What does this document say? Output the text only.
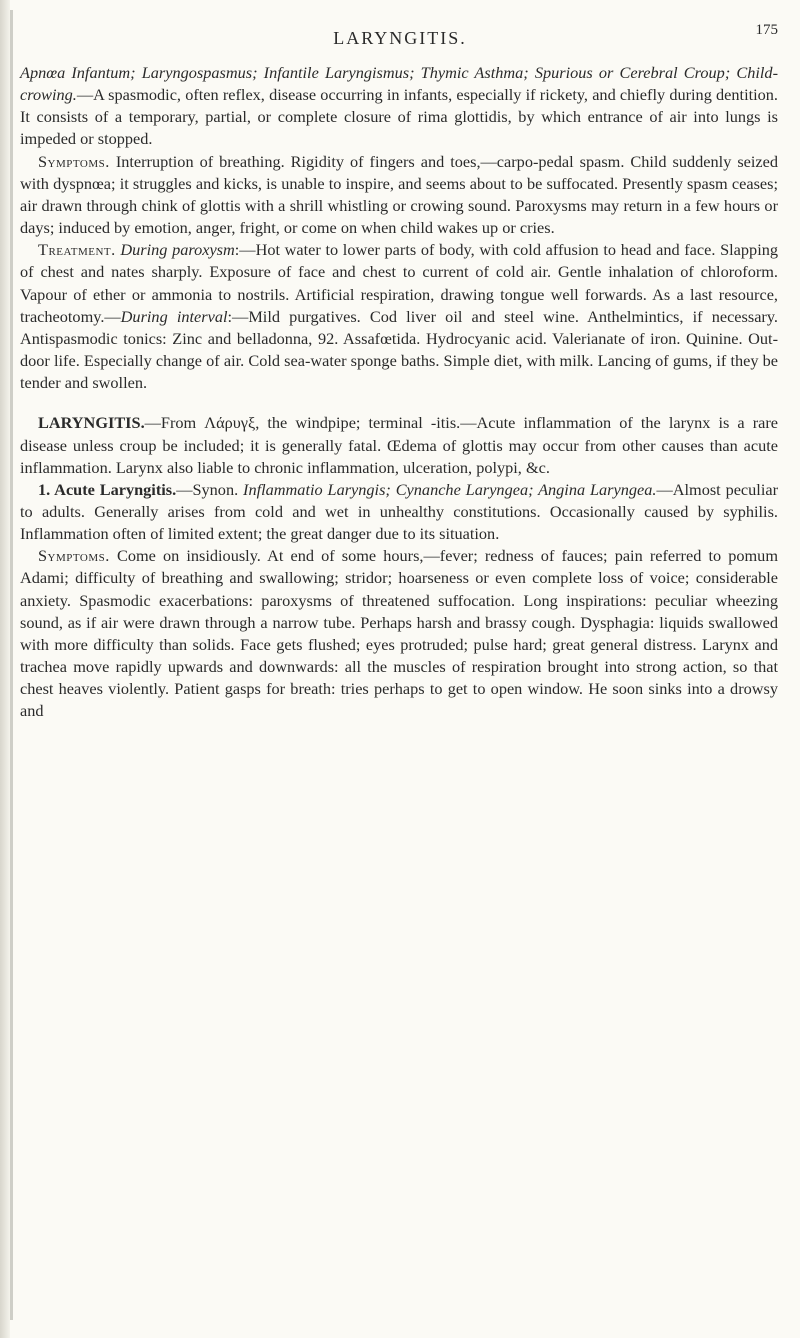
LARYNGITIS.	175

Apnœa Infantum; Laryngospasmus; Infantile Laryngismus; Thymic Asthma; Spurious or Cerebral Croup; Child-crowing.—A spasmodic, often reflex, disease occurring in infants, especially if rickety, and chiefly during dentition. It consists of a temporary, partial, or complete closure of rima glottidis, by which entrance of air into lungs is impeded or stopped.

Symptoms. Interruption of breathing. Rigidity of fingers and toes,—carpo-pedal spasm. Child suddenly seized with dyspnœa; it struggles and kicks, is unable to inspire, and seems about to be suffocated. Presently spasm ceases; air drawn through chink of glottis with a shrill whistling or crowing sound. Paroxysms may return in a few hours or days; induced by emotion, anger, fright, or come on when child wakes up or cries.

Treatment. During paroxysm:—Hot water to lower parts of body, with cold affusion to head and face. Slapping of chest and nates sharply. Exposure of face and chest to current of cold air. Gentle inhalation of chloroform. Vapour of ether or ammonia to nostrils. Artificial respiration, drawing tongue well forwards. As a last resource, tracheotomy.—During interval:—Mild purgatives. Cod liver oil and steel wine. Anthelmintics, if necessary. Antispasmodic tonics: Zinc and belladonna, 92. Assafœtida. Hydrocyanic acid. Valerianate of iron. Quinine. Out-door life. Especially change of air. Cold sea-water sponge baths. Simple diet, with milk. Lancing of gums, if they be tender and swollen.

LARYNGITIS.—From Λάρυγξ, the windpipe; terminal -itis.—Acute inflammation of the larynx is a rare disease unless croup be included; it is generally fatal. Œdema of glottis may occur from other causes than acute inflammation. Larynx also liable to chronic inflammation, ulceration, polypi, &c.

1. Acute Laryngitis.—Synon. Inflammatio Laryngis; Cynanche Laryngea; Angina Laryngea.—Almost peculiar to adults. Generally arises from cold and wet in unhealthy constitutions. Occasionally caused by syphilis. Inflammation often of limited extent; the great danger due to its situation.

Symptoms. Come on insidiously. At end of some hours,—fever; redness of fauces; pain referred to pomum Adami; difficulty of breathing and swallowing; stridor; hoarseness or even complete loss of voice; considerable anxiety. Spasmodic exacerbations: paroxysms of threatened suffocation. Long inspirations: peculiar wheezing sound, as if air were drawn through a narrow tube. Perhaps harsh and brassy cough. Dysphagia: liquids swallowed with more difficulty than solids. Face gets flushed; eyes protruded; pulse hard; great general distress. Larynx and trachea move rapidly upwards and downwards: all the muscles of respiration brought into strong action, so that chest heaves violently. Patient gasps for breath: tries perhaps to get to open window. He soon sinks into a drowsy and
